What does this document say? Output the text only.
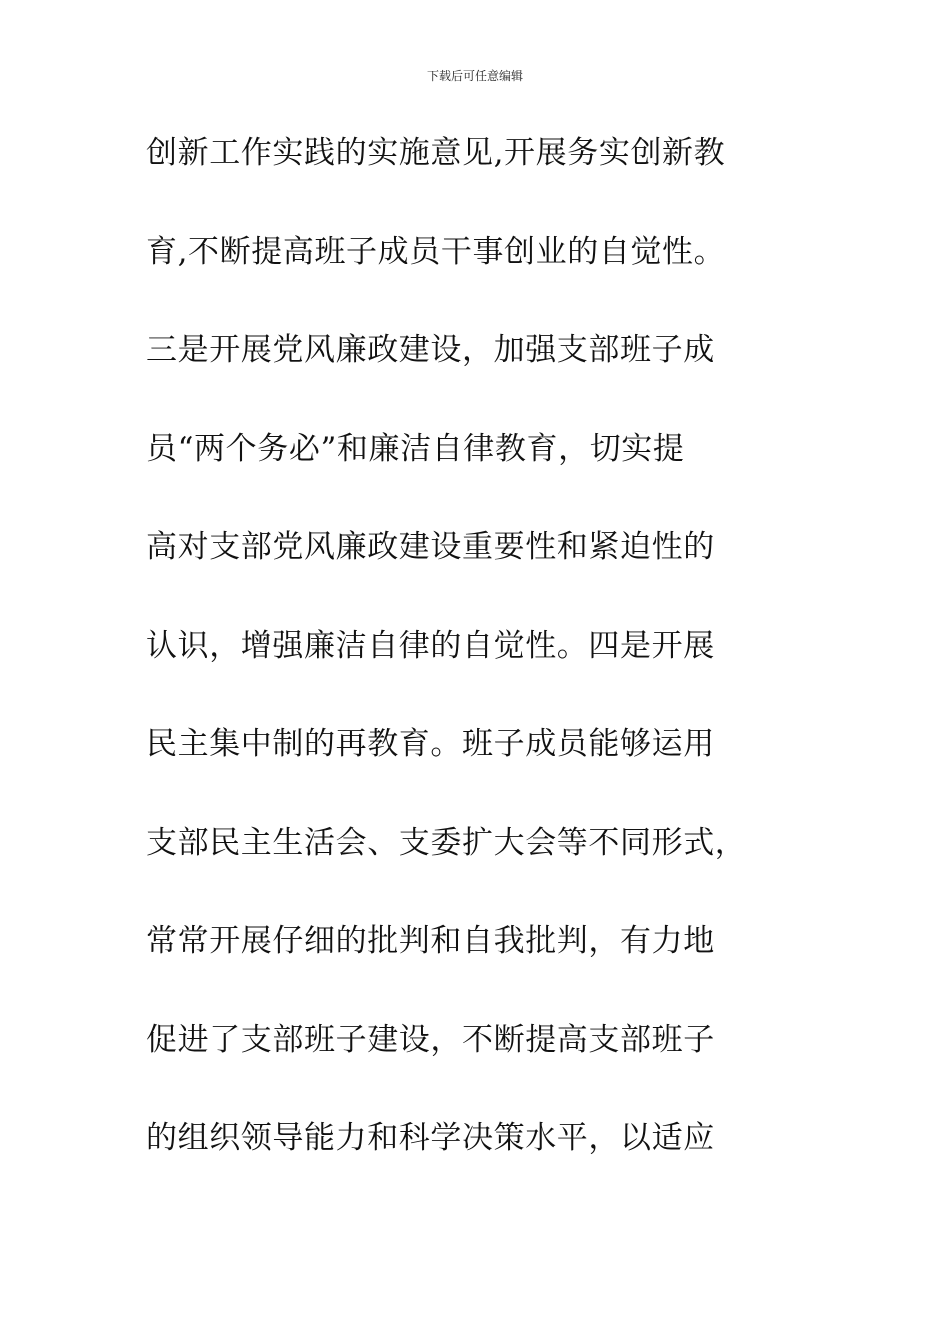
下载后可任意编辑
创新工作实践的实施意见,开展务实创新教
育,不断提高班子成员干事创业的自觉性。
三是开展党风廉政建设，加强支部班子成
员“两个务必”和廉洁自律教育，切实提
高对支部党风廉政建设重要性和紧迫性的
认识，增强廉洁自律的自觉性。四是开展
民主集中制的再教育。班子成员能够运用
支部民主生活会、支委扩大会等不同形式，
常常开展仔细的批判和自我批判，有力地
促进了支部班子建设，不断提高支部班子
的组织领导能力和科学决策水平，以适应
